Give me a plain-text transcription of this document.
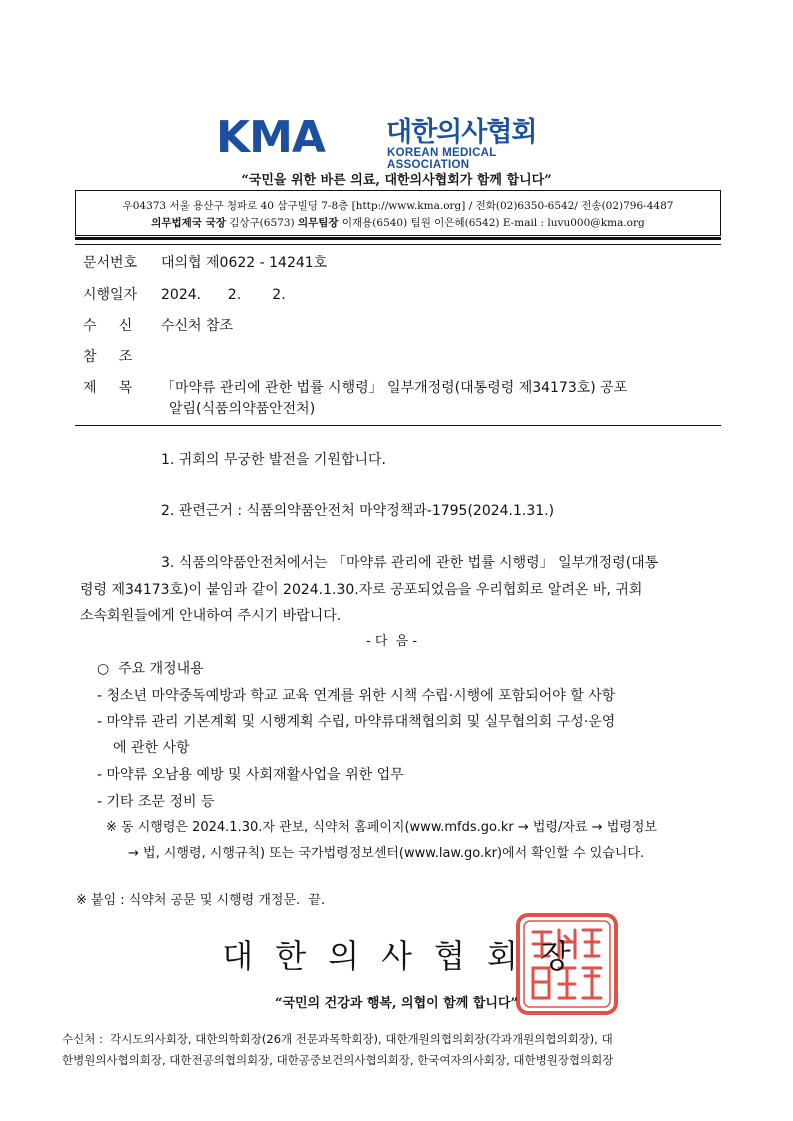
KMA 대한의사협회
KOREAN MEDICAL ASSOCIATION
“국민을 위한 바른 의료, 대한의사협회가 함께 합니다”
우04373 서울 용산구 청파로 40 삼구빌딩 7-8층 [http://www.kma.org] / 전화(02)6350-6542/ 전송(02)796-4487
의무법제국 국장 김상구(6573) 의무팀장 이재용(6540) 팀원 이은혜(6542) E-mail : luvu000@kma.org
문서번호 대의협 제0622 - 14241호
시행일자 2024.      2.       2.
수     신 수신처 참조
참     조
제     목 「마약류 관리에 관한 법률 시행령」 일부개정령(대통령령 제34173호) 공포
알림(식품의약품안전처)
1. 귀회의 무궁한 발전을 기원합니다.
2. 관련근거 : 식품의약품안전처 마약정책과-1795(2024.1.31.)
3. 식품의약품안전처에서는 「마약류 관리에 관한 법률 시행령」 일부개정령(대통
령령 제34173호)이 붙임과 같이 2024.1.30.자로 공포되었음을 우리협회로 알려온 바, 귀회
소속회원들에게 안내하여 주시기 바랍니다.
- 다  음 -
○  주요 개정내용
- 청소년 마약중독예방과 학교 교육 연계를 위한 시책 수립·시행에 포함되어야 할 사항
- 마약류 관리 기본계획 및 시행계획 수립, 마약류대책협의회 및 실무협의회 구성·운영
에 관한 사항
- 마약류 오남용 예방 및 사회재활사업을 위한 업무
- 기타 조문 정비 등
※ 동 시행령은 2024.1.30.자 관보, 식약처 홈페이지(www.mfds.go.kr → 법령/자료 → 법령정보
→ 법, 시행령, 시행규칙) 또는 국가법령정보센터(www.law.go.kr)에서 확인할 수 있습니다.
※ 붙임 : 식약처 공문 및 시행령 개정문.  끝.
대한의사협회장
“국민의 건강과 행복, 의협이 함께 합니다”
수신처 :  각시도의사회장, 대한의학회장(26개 전문과목학회장), 대한개원의협의회장(각과개원의협의회장), 대
한병원의사협의회장, 대한전공의협의회장, 대한공중보건의사협의회장, 한국여자의사회장, 대한병원장협의회장
